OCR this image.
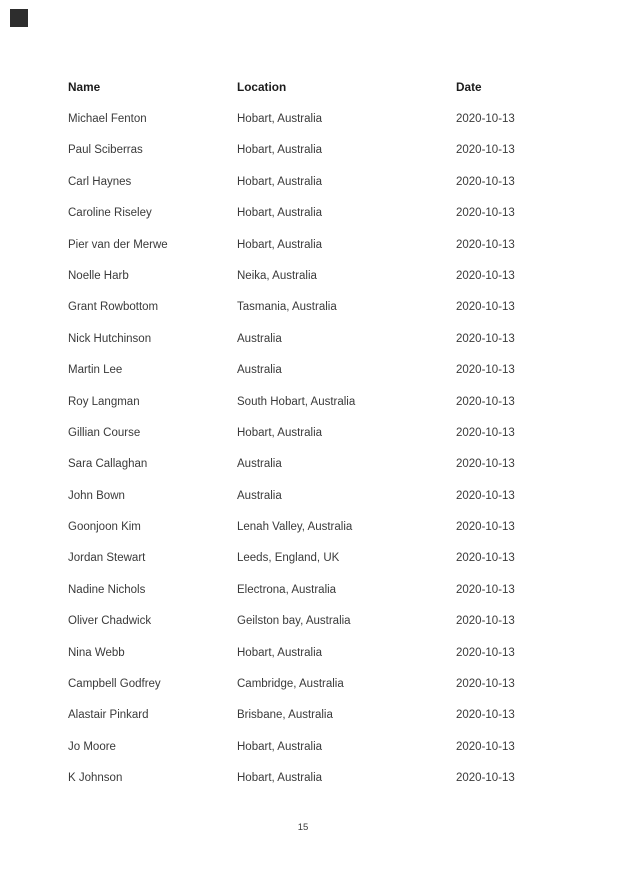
Name	Location	Date
Michael Fenton	Hobart, Australia	2020-10-13
Paul Sciberras	Hobart, Australia	2020-10-13
Carl Haynes	Hobart, Australia	2020-10-13
Caroline Riseley	Hobart, Australia	2020-10-13
Pier van der Merwe	Hobart, Australia	2020-10-13
Noelle Harb	Neika, Australia	2020-10-13
Grant Rowbottom	Tasmania, Australia	2020-10-13
Nick Hutchinson	Australia	2020-10-13
Martin Lee	Australia	2020-10-13
Roy Langman	South Hobart, Australia	2020-10-13
Gillian Course	Hobart, Australia	2020-10-13
Sara Callaghan	Australia	2020-10-13
John Bown	Australia	2020-10-13
Goonjoon Kim	Lenah Valley, Australia	2020-10-13
Jordan Stewart	Leeds, England, UK	2020-10-13
Nadine Nichols	Electrona, Australia	2020-10-13
Oliver Chadwick	Geilston bay, Australia	2020-10-13
Nina Webb	Hobart, Australia	2020-10-13
Campbell Godfrey	Cambridge, Australia	2020-10-13
Alastair Pinkard	Brisbane, Australia	2020-10-13
Jo Moore	Hobart, Australia	2020-10-13
K Johnson	Hobart, Australia	2020-10-13
15
